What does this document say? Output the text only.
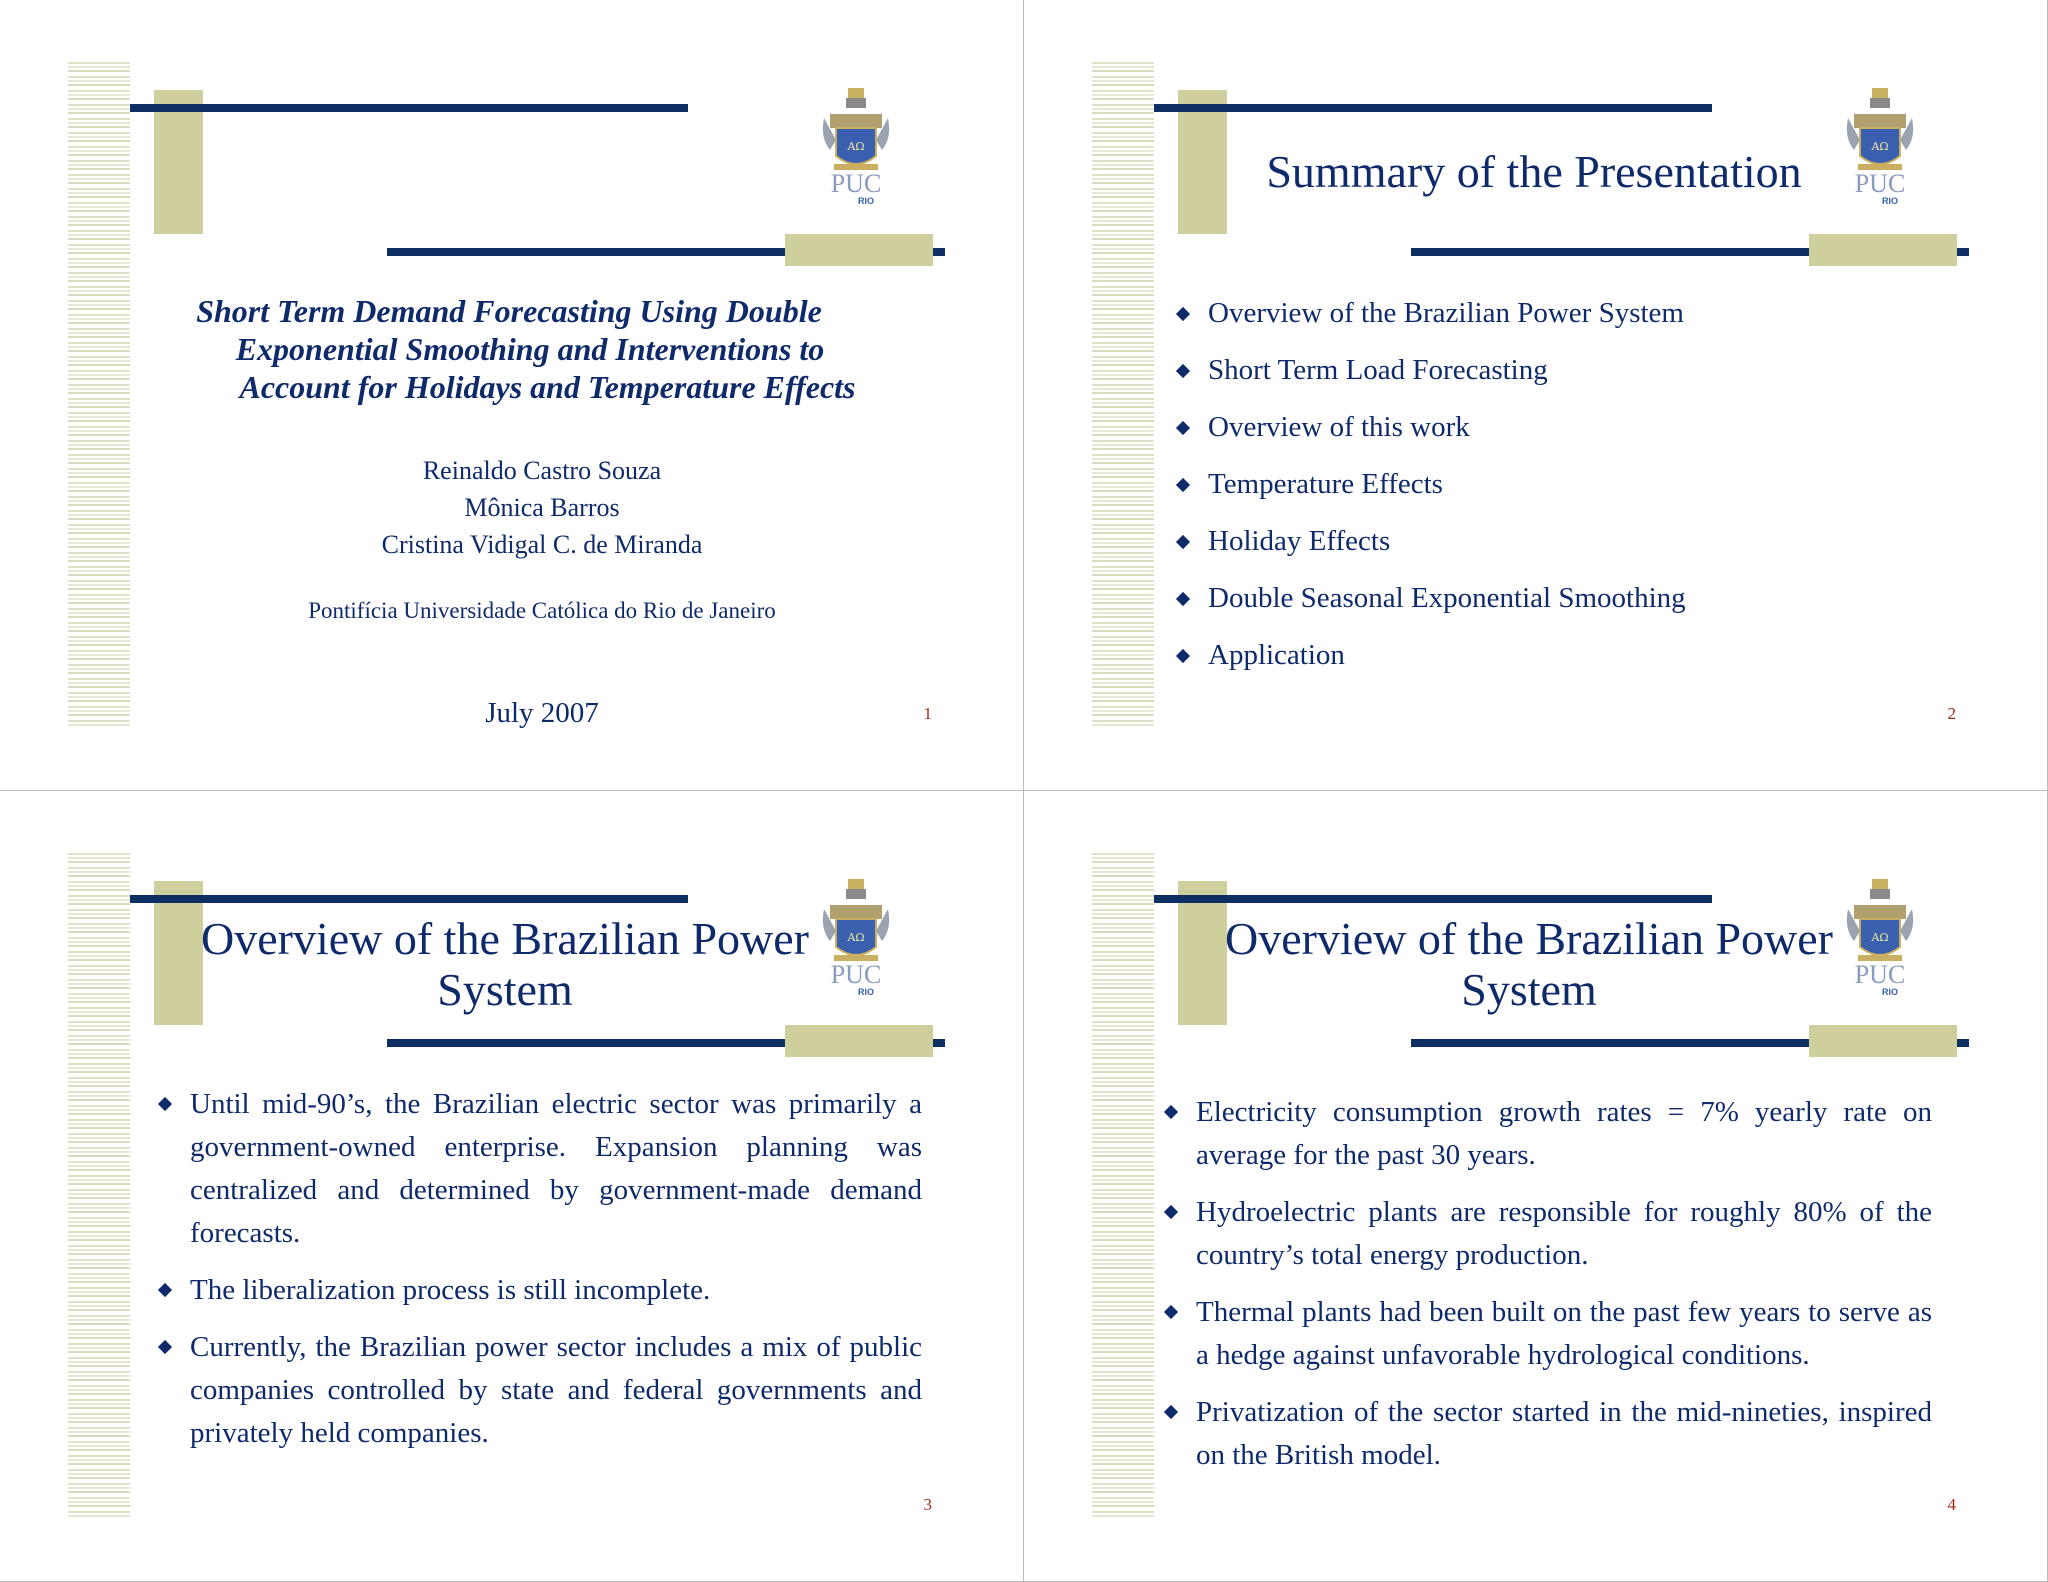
AΩ
PUC
RIO
Short Term Demand Forecasting Using Double
Exponential Smoothing and Interventions to
Account for Holidays and Temperature Effects
Reinaldo Castro Souza
Mônica Barros
Cristina Vidigal C. de Miranda
Pontifícia Universidade Católica do Rio de Janeiro
July 2007	1
AΩ
PUC
RIO
Summary of the Presentation
Overview of the Brazilian Power System
Short Term Load Forecasting
Overview of this work
Temperature Effects
Holiday Effects
Double Seasonal Exponential Smoothing
Application
2
AΩ
PUC
RIO
Overview of the Brazilian Power
System
Until mid-90’s, the Brazilian electric sector was primarily a government-owned enterprise. Expansion planning was centralized and determined by government-made demand forecasts.
The liberalization process is still incomplete.
Currently, the Brazilian power sector includes a mix of public companies controlled by state and federal governments and privately held companies.
3
AΩ
PUC
RIO
Overview of the Brazilian Power
System
Electricity consumption growth rates = 7% yearly rate on average for the past 30 years.
Hydroelectric plants are responsible for roughly 80% of the country’s total energy production.
Thermal plants had been built on the past few years to serve as a hedge against unfavorable hydrological conditions.
Privatization of the sector started in the mid-nineties, inspired on the British model.
4
